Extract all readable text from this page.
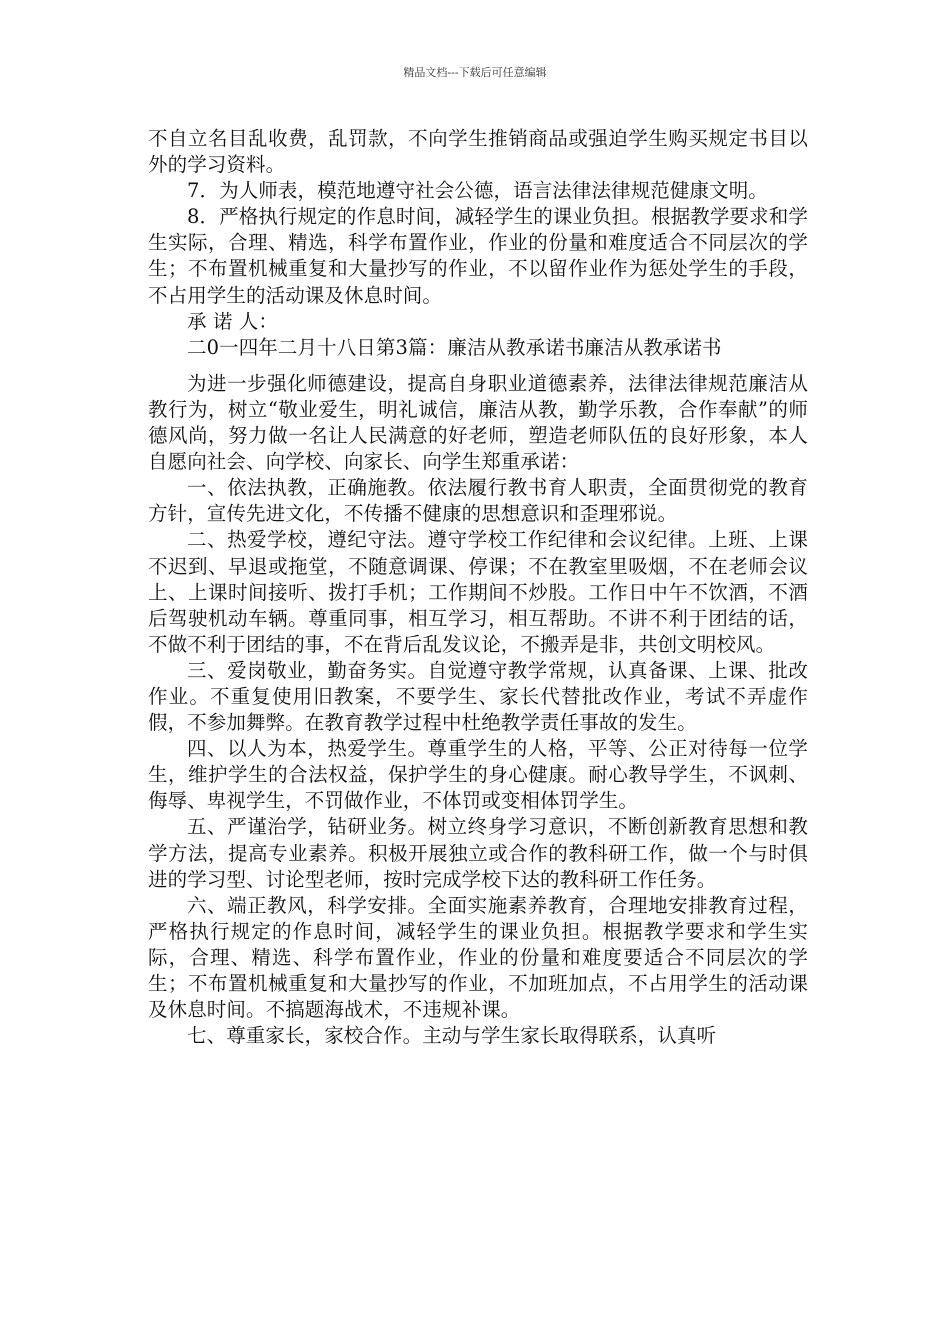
精品文档---下载后可任意编辑

不自立名目乱收费，乱罚款，不向学生推销商品或强迫学生购买规定书目以外的学习资料。

7．为人师表，模范地遵守社会公德，语言法律法律规范健康文明。

8．严格执行规定的作息时间，减轻学生的课业负担。根据教学要求和学生实际，合理、精选，科学布置作业，作业的份量和难度适合不同层次的学生；不布置机械重复和大量抄写的作业，不以留作业作为惩处学生的手段，不占用学生的活动课及休息时间。

承 诺 人：

二0一四年二月十八日第3篇：廉洁从教承诺书廉洁从教承诺书

为进一步强化师德建设，提高自身职业道德素养，法律法律规范廉洁从教行为，树立“敬业爱生，明礼诚信，廉洁从教，勤学乐教，合作奉献”的师德风尚，努力做一名让人民满意的好老师，塑造老师队伍的良好形象，本人自愿向社会、向学校、向家长、向学生郑重承诺：

一、依法执教，正确施教。依法履行教书育人职责，全面贯彻党的教育方针，宣传先进文化，不传播不健康的思想意识和歪理邪说。

二、热爱学校，遵纪守法。遵守学校工作纪律和会议纪律。上班、上课不迟到、早退或拖堂，不随意调课、停课；不在教室里吸烟，不在老师会议上、上课时间接听、拨打手机；工作期间不炒股。工作日中午不饮酒，不酒后驾驶机动车辆。尊重同事，相互学习，相互帮助。不讲不利于团结的话，不做不利于团结的事，不在背后乱发议论，不搬弄是非，共创文明校风。

三、爱岗敬业，勤奋务实。自觉遵守教学常规，认真备课、上课、批改作业。不重复使用旧教案，不要学生、家长代替批改作业，考试不弄虚作假，不参加舞弊。在教育教学过程中杜绝教学责任事故的发生。

四、以人为本，热爱学生。尊重学生的人格，平等、公正对待每一位学生，维护学生的合法权益，保护学生的身心健康。耐心教导学生，不讽刺、侮辱、卑视学生，不罚做作业，不体罚或变相体罚学生。

五、严谨治学，钻研业务。树立终身学习意识，不断创新教育思想和教学方法，提高专业素养。积极开展独立或合作的教科研工作，做一个与时俱进的学习型、讨论型老师，按时完成学校下达的教科研工作任务。

六、端正教风，科学安排。全面实施素养教育，合理地安排教育过程，严格执行规定的作息时间，减轻学生的课业负担。根据教学要求和学生实际，合理、精选、科学布置作业，作业的份量和难度要适合不同层次的学生；不布置机械重复和大量抄写的作业，不加班加点，不占用学生的活动课及休息时间。不搞题海战术，不违规补课。

七、尊重家长，家校合作。主动与学生家长取得联系，认真听
